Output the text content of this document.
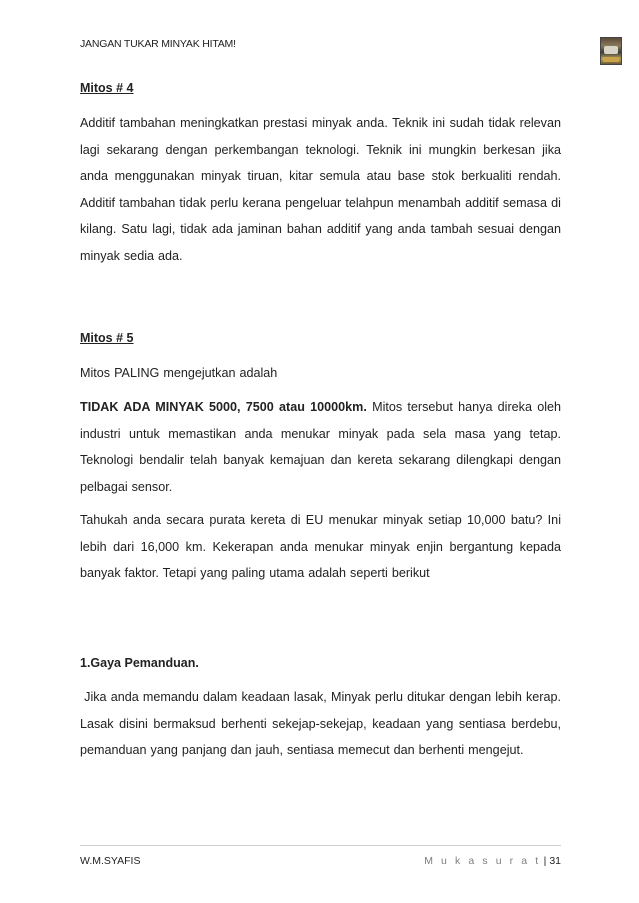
JANGAN TUKAR MINYAK HITAM!

Mitos # 4

Additif tambahan meningkatkan prestasi minyak anda. Teknik ini sudah tidak relevan lagi sekarang dengan perkembangan teknologi. Teknik ini mungkin berkesan jika anda menggunakan minyak tiruan, kitar semula atau base stok berkualiti rendah. Additif tambahan tidak perlu kerana pengeluar telahpun menambah additif semasa di kilang. Satu lagi, tidak ada jaminan bahan additif yang anda tambah sesuai dengan minyak sedia ada.

Mitos # 5

Mitos PALING mengejutkan adalah

TIDAK ADA MINYAK 5000, 7500 atau 10000km. Mitos tersebut hanya direka oleh industri untuk memastikan anda menukar minyak pada sela masa yang tetap. Teknologi bendalir telah banyak kemajuan dan kereta sekarang dilengkapi dengan pelbagai sensor.

Tahukah anda secara purata kereta di EU menukar minyak setiap 10,000 batu? Ini lebih dari 16,000 km. Kekerapan anda menukar minyak enjin bergantung kepada banyak faktor. Tetapi yang paling utama adalah seperti berikut

1.Gaya Pemanduan.

Jika anda memandu dalam keadaan lasak, Minyak perlu ditukar dengan lebih kerap. Lasak disini bermaksud berhenti sekejap-sekejap, keadaan yang sentiasa berdebu, pemanduan yang panjang dan jauh, sentiasa memecut dan berhenti mengejut.

W.M.SYAFIS	M u k a s u r a t | 31
